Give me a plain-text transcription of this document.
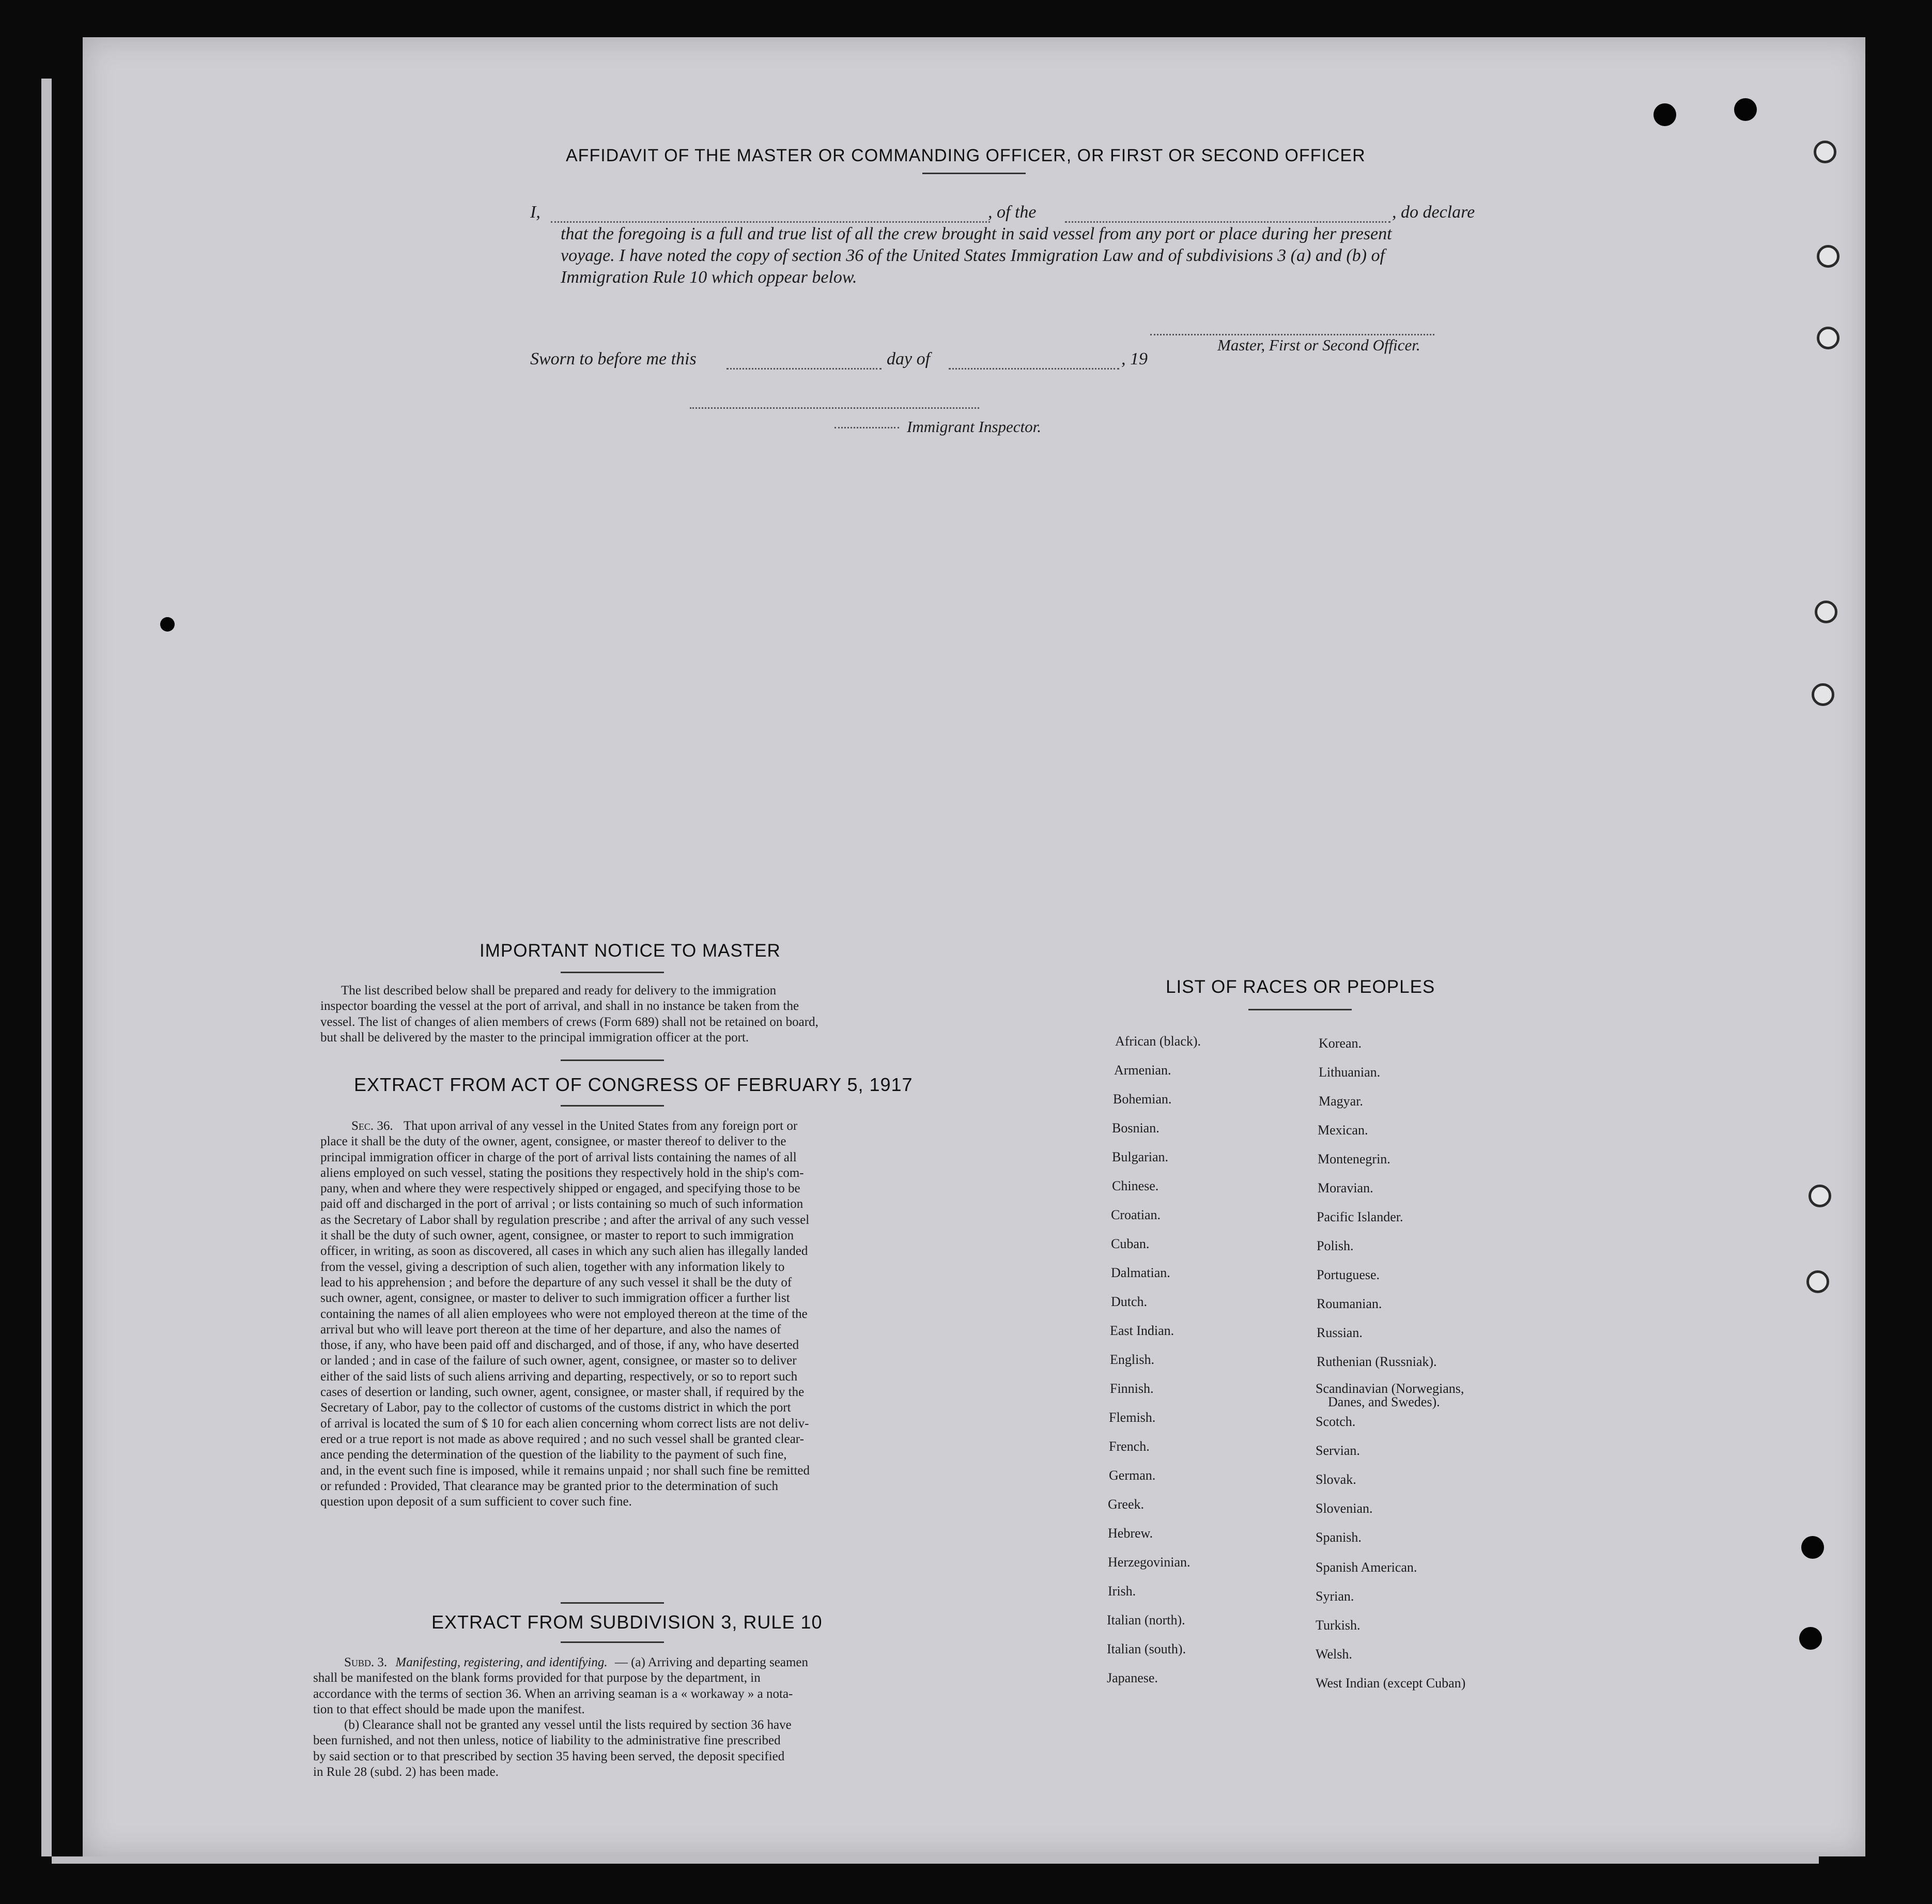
AFFIDAVIT OF THE MASTER OR COMMANDING OFFICER, OR FIRST OR SECOND OFFICER
I,	, of the	, do declare
that the foregoing is a full and true list of all the crew brought in said vessel from any port or place during her present
voyage. I have noted the copy of section 36 of the United States Immigration Law and of subdivisions 3 (a) and (b) of
Immigration Rule 10 which oppear below.
Master, First or Second Officer.
Sworn to before me this	day of	, 19
Immigrant Inspector.
IMPORTANT NOTICE TO MASTER
The list described below shall be prepared and ready for delivery to the immigration
inspector boarding the vessel at the port of arrival, and shall in no instance be taken from the
vessel. The list of changes of alien members of crews (Form 689) shall not be retained on board,
but shall be delivered by the master to the principal immigration officer at the port.
EXTRACT FROM ACT OF CONGRESS OF FEBRUARY 5, 1917
Sec. 36. That upon arrival of any vessel in the United States from any foreign port or
place it shall be the duty of the owner, agent, consignee, or master thereof to deliver to the
principal immigration officer in charge of the port of arrival lists containing the names of all
aliens employed on such vessel, stating the positions they respectively hold in the ship's com-
pany, when and where they were respectively shipped or engaged, and specifying those to be
paid off and discharged in the port of arrival ; or lists containing so much of such information
as the Secretary of Labor shall by regulation prescribe ; and after the arrival of any such vessel
it shall be the duty of such owner, agent, consignee, or master to report to such immigration
officer, in writing, as soon as discovered, all cases in which any such alien has illegally landed
from the vessel, giving a description of such alien, together with any information likely to
lead to his apprehension ; and before the departure of any such vessel it shall be the duty of
such owner, agent, consignee, or master to deliver to such immigration officer a further list
containing the names of all alien employees who were not employed thereon at the time of the
arrival but who will leave port thereon at the time of her departure, and also the names of
those, if any, who have been paid off and discharged, and of those, if any, who have deserted
or landed ; and in case of the failure of such owner, agent, consignee, or master so to deliver
either of the said lists of such aliens arriving and departing, respectively, or so to report such
cases of desertion or landing, such owner, agent, consignee, or master shall, if required by the
Secretary of Labor, pay to the collector of customs of the customs district in which the port
of arrival is located the sum of $ 10 for each alien concerning whom correct lists are not deliv-
ered or a true report is not made as above required ; and no such vessel shall be granted clear-
ance pending the determination of the question of the liability to the payment of such fine,
and, in the event such fine is imposed, while it remains unpaid ; nor shall such fine be remitted
or refunded : Provided, That clearance may be granted prior to the determination of such
question upon deposit of a sum sufficient to cover such fine.
EXTRACT FROM SUBDIVISION 3, RULE 10
Subd. 3. Manifesting, registering, and identifying. — (a) Arriving and departing seamen
shall be manifested on the blank forms provided for that purpose by the department, in
accordance with the terms of section 36. When an arriving seaman is a « workaway » a nota-
tion to that effect should be made upon the manifest.
(b) Clearance shall not be granted any vessel until the lists required by section 36 have
been furnished, and not then unless, notice of liability to the administrative fine prescribed
by said section or to that prescribed by section 35 having been served, the deposit specified
in Rule 28 (subd. 2) has been made.
LIST OF RACES OR PEOPLES
African (black).
Armenian.
Bohemian.
Bosnian.
Bulgarian.
Chinese.
Croatian.
Cuban.
Dalmatian.
Dutch.
East Indian.
English.
Finnish.
Flemish.
French.
German.
Greek.
Hebrew.
Herzegovinian.
Irish.
Italian (north).
Italian (south).
Japanese.
Korean.
Lithuanian.
Magyar.
Mexican.
Montenegrin.
Moravian.
Pacific Islander.
Polish.
Portuguese.
Roumanian.
Russian.
Ruthenian (Russniak).
Scandinavian (Norwegians,
Danes, and Swedes).
Scotch.
Servian.
Slovak.
Slovenian.
Spanish.
Spanish American.
Syrian.
Turkish.
Welsh.
West Indian (except Cuban)
